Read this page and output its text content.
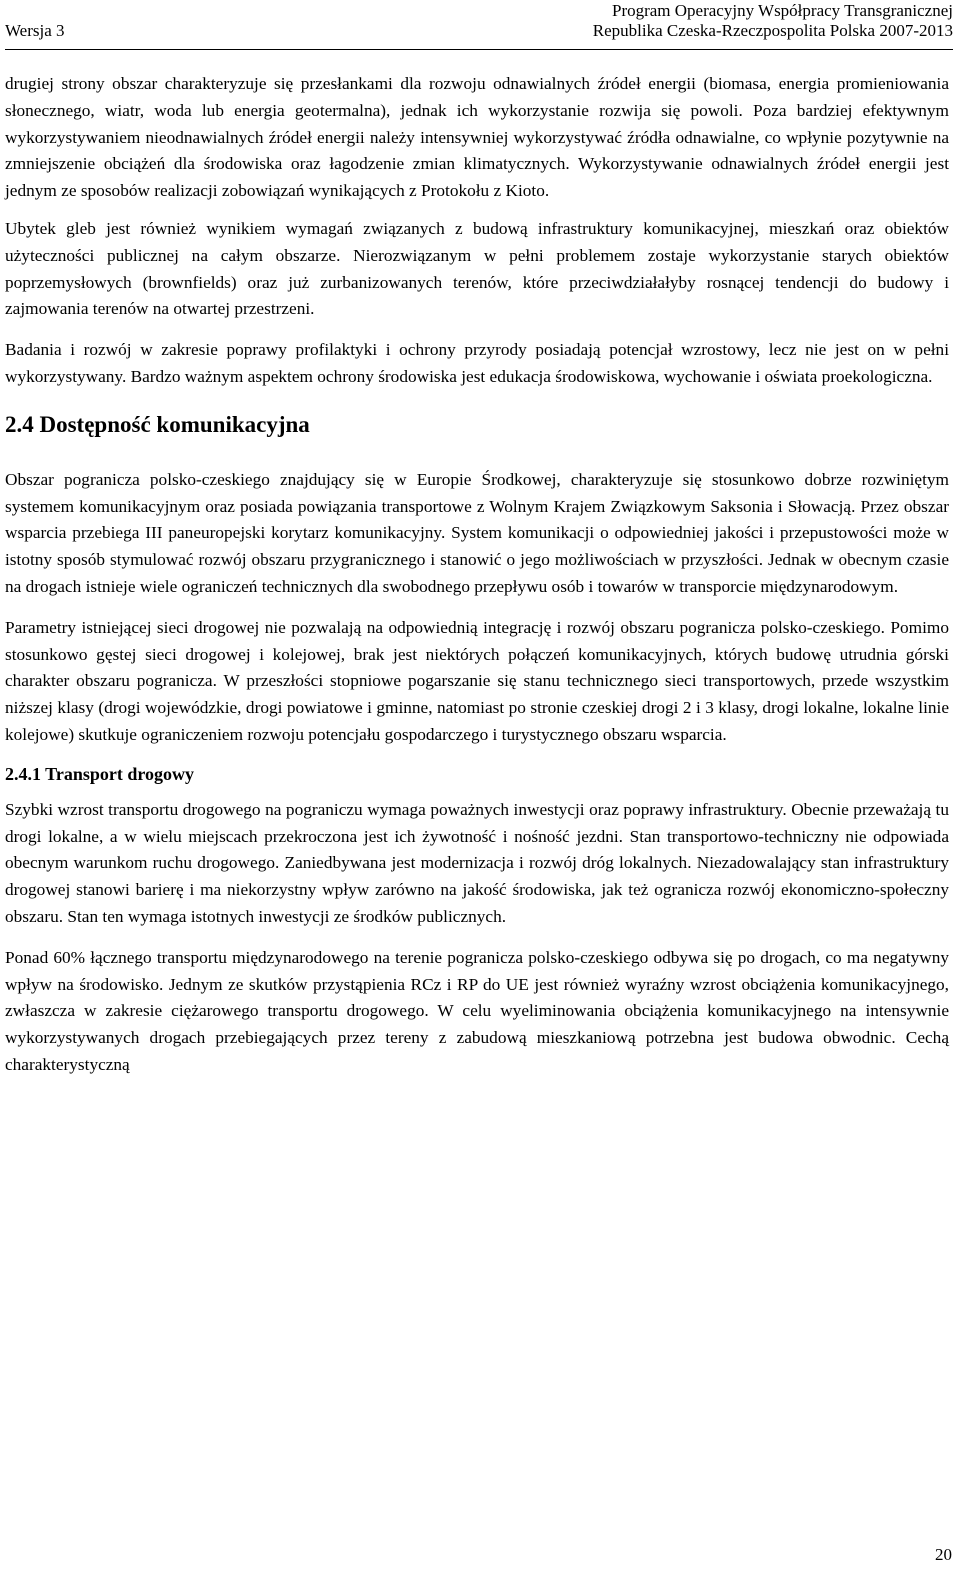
Wersja 3
Program Operacyjny Współpracy Transgranicznej
Republika Czeska-Rzeczpospolita Polska 2007-2013

drugiej strony obszar charakteryzuje się przesłankami dla rozwoju odnawialnych źródeł energii (biomasa, energia promieniowania słonecznego, wiatr, woda lub energia geotermalna), jednak ich wykorzystanie rozwija się powoli. Poza bardziej efektywnym wykorzystywaniem nieodnawialnych źródeł energii należy intensywniej wykorzystywać źródła odnawialne, co wpłynie pozytywnie na zmniejszenie obciążeń dla środowiska oraz łagodzenie zmian klimatycznych. Wykorzystywanie odnawialnych źródeł energii jest jednym ze sposobów realizacji zobowiązań wynikających z Protokołu z Kioto.

Ubytek gleb jest również wynikiem wymagań związanych z budową infrastruktury komunikacyjnej, mieszkań oraz obiektów użyteczności publicznej na całym obszarze. Nierozwiązanym w pełni problemem zostaje wykorzystanie starych obiektów poprzemysłowych (brownfields) oraz już zurbanizowanych terenów, które przeciwdziałałyby rosnącej tendencji do budowy i zajmowania terenów na otwartej przestrzeni.

Badania i rozwój w zakresie poprawy profilaktyki i ochrony przyrody posiadają potencjał wzrostowy, lecz nie jest on w pełni wykorzystywany. Bardzo ważnym aspektem ochrony środowiska jest edukacja środowiskowa, wychowanie i oświata proekologiczna.

2.4 Dostępność komunikacyjna

Obszar pogranicza polsko-czeskiego znajdujący się w Europie Środkowej, charakteryzuje się stosunkowo dobrze rozwiniętym systemem komunikacyjnym oraz posiada powiązania transportowe z Wolnym Krajem Związkowym Saksonia i Słowacją. Przez obszar wsparcia przebiega III paneuropejski korytarz komunikacyjny. System komunikacji o odpowiedniej jakości i przepustowości może w istotny sposób stymulować rozwój obszaru przygranicznego i stanowić o jego możliwościach w przyszłości. Jednak w obecnym czasie na drogach istnieje wiele ograniczeń technicznych dla swobodnego przepływu osób i towarów w transporcie międzynarodowym.

Parametry istniejącej sieci drogowej nie pozwalają na odpowiednią integrację i rozwój obszaru pogranicza polsko-czeskiego. Pomimo stosunkowo gęstej sieci drogowej i kolejowej, brak jest niektórych połączeń komunikacyjnych, których budowę utrudnia górski charakter obszaru pogranicza. W przeszłości stopniowe pogarszanie się stanu technicznego sieci transportowych, przede wszystkim niższej klasy (drogi wojewódzkie, drogi powiatowe i gminne, natomiast po stronie czeskiej drogi 2 i 3 klasy, drogi lokalne, lokalne linie kolejowe) skutkuje ograniczeniem rozwoju potencjału gospodarczego i turystycznego obszaru wsparcia.

2.4.1 Transport drogowy

Szybki wzrost transportu drogowego na pograniczu wymaga poważnych inwestycji oraz poprawy infrastruktury. Obecnie przeważają tu drogi lokalne, a w wielu miejscach przekroczona jest ich żywotność i nośność jezdni. Stan transportowo-techniczny nie odpowiada obecnym warunkom ruchu drogowego. Zaniedbywana jest modernizacja i rozwój dróg lokalnych. Niezadowalający stan infrastruktury drogowej stanowi barierę i ma niekorzystny wpływ zarówno na jakość środowiska, jak też ogranicza rozwój ekonomiczno-społeczny obszaru. Stan ten wymaga istotnych inwestycji ze środków publicznych.

Ponad 60% łącznego transportu międzynarodowego na terenie pogranicza polsko-czeskiego odbywa się po drogach, co ma negatywny wpływ na środowisko. Jednym ze skutków przystąpienia RCz i RP do UE jest również wyraźny wzrost obciążenia komunikacyjnego, zwłaszcza w zakresie ciężarowego transportu drogowego. W celu wyeliminowania obciążenia komunikacyjnego na intensywnie wykorzystywanych drogach przebiegających przez tereny z zabudową mieszkaniową potrzebna jest budowa obwodnic. Cechą charakterystyczną

20
